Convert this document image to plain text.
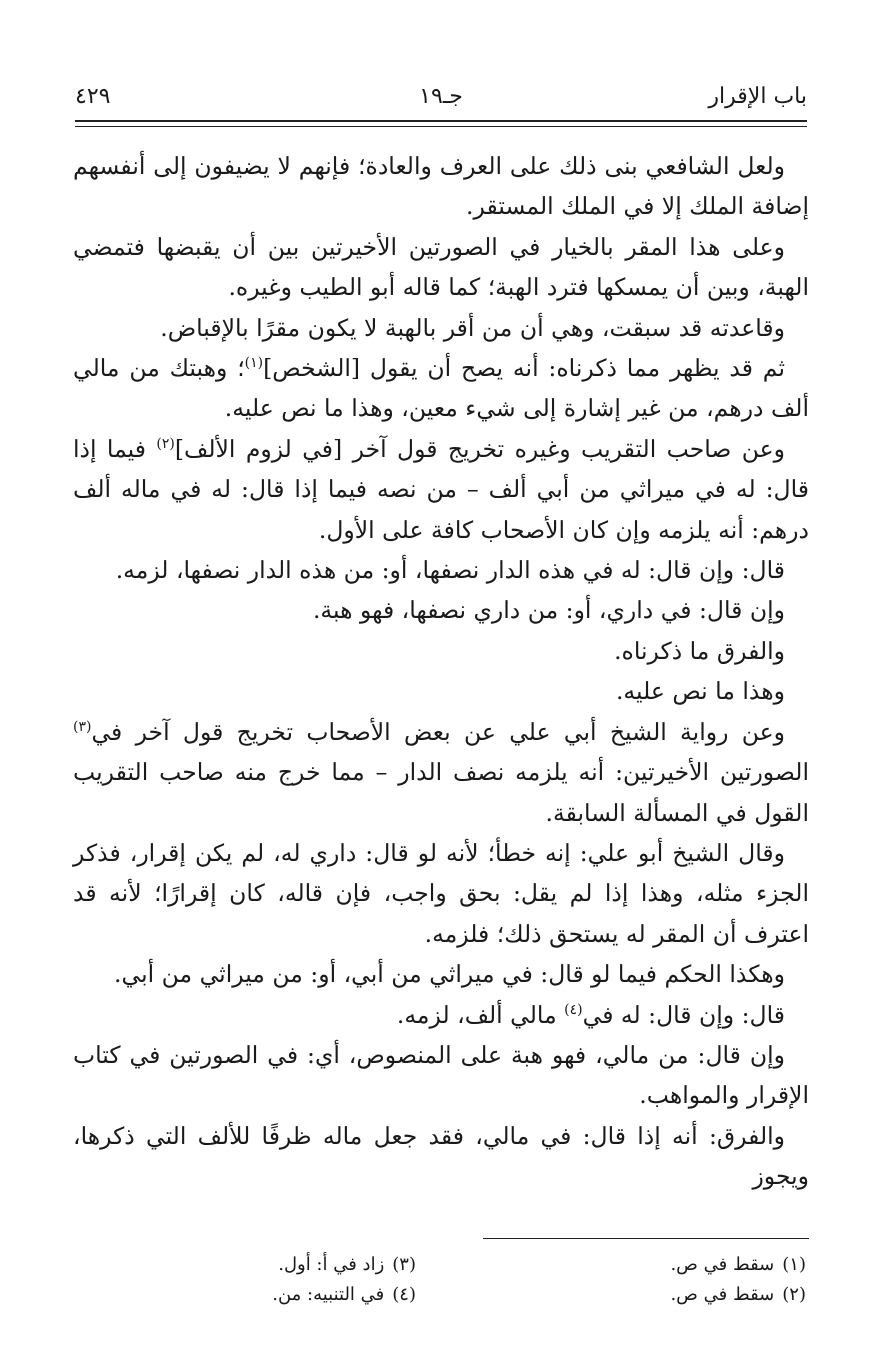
باب الإقرار
جـ١٩
٤٢٩

ولعل الشافعي بنى ذلك على العرف والعادة؛ فإنهم لا يضيفون إلى أنفسهم إضافة الملك إلا في الملك المستقر.

وعلى هذا المقر بالخيار في الصورتين الأخيرتين بين أن يقبضها فتمضي الهبة، وبين أن يمسكها فترد الهبة؛ كما قاله أبو الطيب وغيره.

وقاعدته قد سبقت، وهي أن من أقر بالهبة لا يكون مقرًا بالإقباض.

ثم قد يظهر مما ذكرناه: أنه يصح أن يقول [الشخص]$^{(١)}$؛ وهبتك من مالي ألف درهم، من غير إشارة إلى شيء معين، وهذا ما نص عليه.

وعن صاحب التقريب وغيره تخريج قول آخر [في لزوم الألف]$^{(٢)}$ فيما إذا قال: له في ميراثي من أبي ألف – من نصه فيما إذا قال: له في ماله ألف درهم: أنه يلزمه وإن كان الأصحاب كافة على الأول.

قال: وإن قال: له في هذه الدار نصفها، أو: من هذه الدار نصفها، لزمه.

وإن قال: في داري، أو: من داري نصفها، فهو هبة.

والفرق ما ذكرناه.

وهذا ما نص عليه.

وعن رواية الشيخ أبي علي عن بعض الأصحاب تخريج قول آخر في$^{(٣)}$ الصورتين الأخيرتين: أنه يلزمه نصف الدار – مما خرج منه صاحب التقريب القول في المسألة السابقة.

وقال الشيخ أبو علي: إنه خطأ؛ لأنه لو قال: داري له، لم يكن إقرار، فذكر الجزء مثله، وهذا إذا لم يقل: بحق واجب، فإن قاله، كان إقرارًا؛ لأنه قد اعترف أن المقر له يستحق ذلك؛ فلزمه.

وهكذا الحكم فيما لو قال: في ميراثي من أبي، أو: من ميراثي من أبي.

قال: وإن قال: له في$^{(٤)}$ مالي ألف، لزمه.

وإن قال: من مالي، فهو هبة على المنصوص، أي: في الصورتين في كتاب الإقرار والمواهب.

والفرق: أنه إذا قال: في مالي، فقد جعل ماله ظرفًا للألف التي ذكرها، ويجوز

(١)
سقط في ص.
(٢)
سقط في ص.
(٣)
زاد في أ: أول.
(٤)
في التنبيه: من.
